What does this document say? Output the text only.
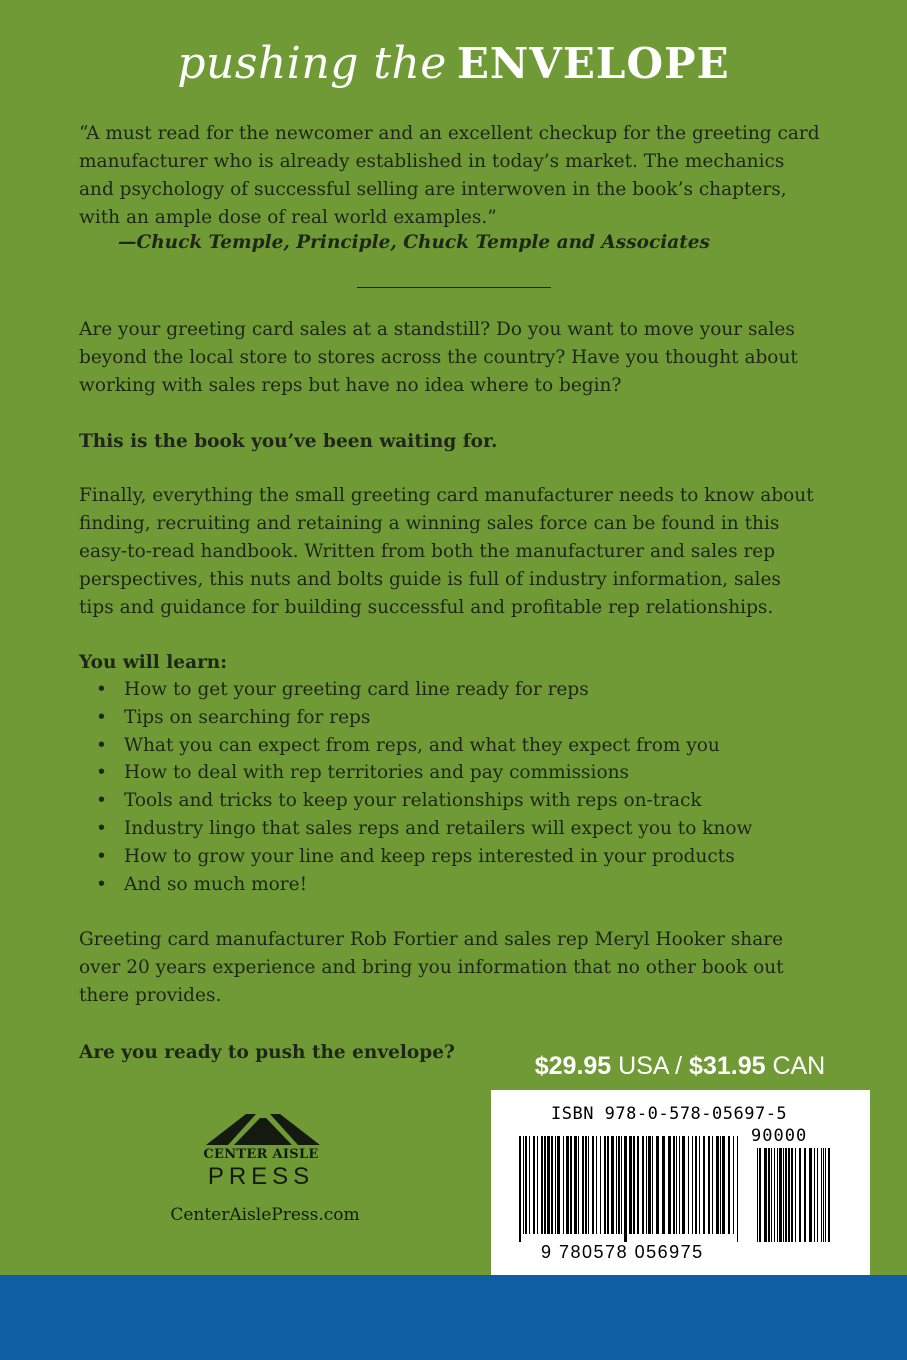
pushing the ENVELOPE

“A must read for the newcomer and an excellent checkup for the greeting card
manufacturer who is already established in today’s market. The mechanics
and psychology of successful selling are interwoven in the book’s chapters,
with an ample dose of real world examples.”

—Chuck Temple, Principle, Chuck Temple and Associates

Are your greeting card sales at a standstill? Do you want to move your sales
beyond the local store to stores across the country? Have you thought about
working with sales reps but have no idea where to begin?

This is the book you’ve been waiting for.

Finally, everything the small greeting card manufacturer needs to know about
finding, recruiting and retaining a winning sales force can be found in this
easy-to-read handbook. Written from both the manufacturer and sales rep
perspectives, this nuts and bolts guide is full of industry information, sales
tips and guidance for building successful and profitable rep relationships.

You will learn:

• How to get your greeting card line ready for reps
• Tips on searching for reps
• What you can expect from reps, and what they expect from you
• How to deal with rep territories and pay commissions
• Tools and tricks to keep your relationships with reps on-track
• Industry lingo that sales reps and retailers will expect you to know
• How to grow your line and keep reps interested in your products
• And so much more!

Greeting card manufacturer Rob Fortier and sales rep Meryl Hooker share
over 20 years experience and bring you information that no other book out
there provides.

Are you ready to push the envelope?	$29.95 USA / $31.95 CAN
ISBN 978-0-578-05697-5
90000
9 780578 056975
CENTER AISLE
PRESS
CenterAislePress.com
